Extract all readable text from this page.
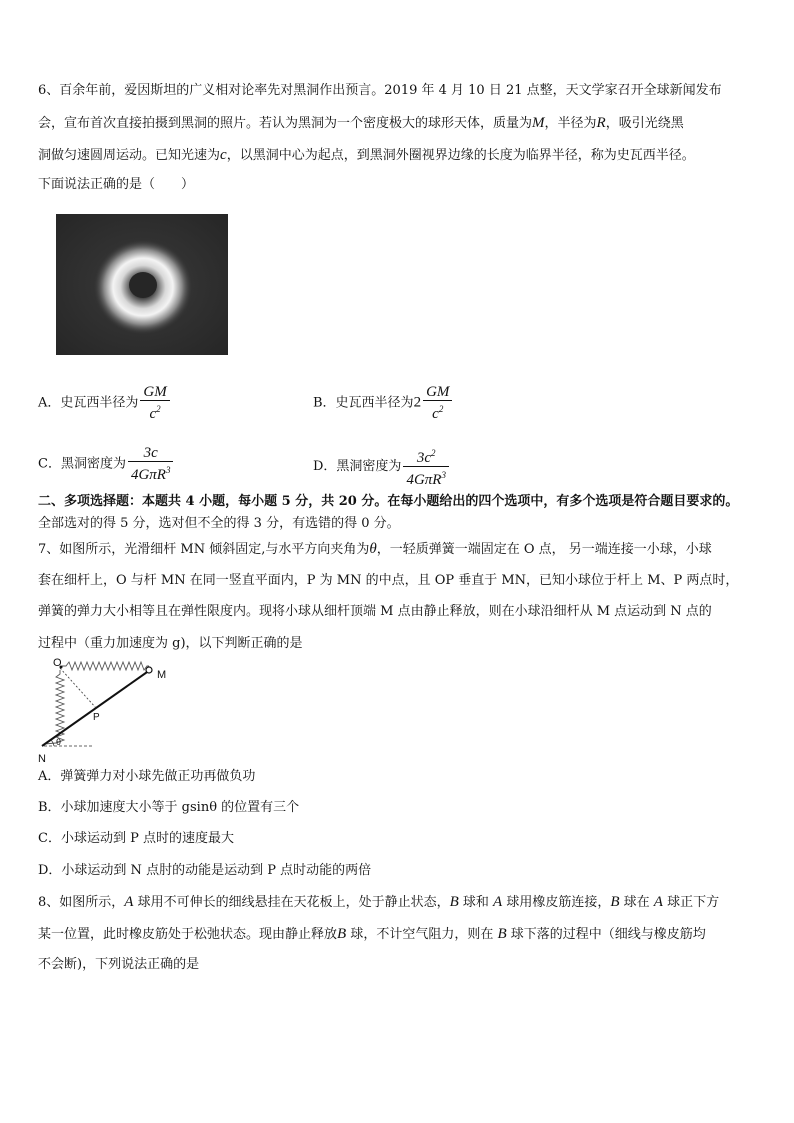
6、百余年前，爱因斯坦的广义相对论率先对黑洞作出预言。2019 年 4 月 10 日 21 点整，天文学家召开全球新闻发布
会，宣布首次直接拍摄到黑洞的照片。若认为黑洞为一个密度极大的球形天体，质量为M，半径为R，吸引光绕黑
洞做匀速圆周运动。已知光速为c，以黑洞中心为起点，到黑洞外圈视界边缘的长度为临界半径，称为史瓦西半径。
下面说法正确的是（　　）
A．史瓦西半径为 $\frac{GM}{c^2}$	B．史瓦西半径为$2 \frac{GM}{c^2}$
C．黑洞密度为 $\frac{3c}{4G\pi R^3}$	D．黑洞密度为 $\frac{3c^2}{4G\pi R^3}$
二、多项选择题：本题共 4 小题，每小题 5 分，共 20 分。在每小题给出的四个选项中，有多个选项是符合题目要求的。
全部选对的得 5 分，选对但不全的得 3 分，有选错的得 0 分。
7、如图所示，光滑细杆 MN 倾斜固定,与水平方向夹角为θ，一轻质弹簧一端固定在 O 点， 另一端连接一小球，小球
套在细杆上，O 与杆 MN 在同一竖直平面内，P 为 MN 的中点，且 OP 垂直于 MN，已知小球位于杆上 M、P 两点时，
弹簧的弹力大小相等且在弹性限度内。现将小球从细杆顶端 M 点由静止释放，则在小球沿细杆从 M 点运动到 N 点的
过程中（重力加速度为 g)，以下判断正确的是
O
M
P
N
θ
A．弹簧弹力对小球先做正功再做负功
B．小球加速度大小等于 gsinθ 的位置有三个
C．小球运动到 P 点时的速度最大
D．小球运动到 N 点肘的动能是运动到 P 点时动能的两倍
8、如图所示，A 球用不可伸长的细线悬挂在天花板上，处于静止状态，B 球和 A 球用橡皮筋连接，B 球在 A 球正下方
某一位置，此时橡皮筋处于松弛状态。现由静止释放B 球，不计空气阻力，则在 B 球下落的过程中（细线与橡皮筋均
不会断)，下列说法正确的是
